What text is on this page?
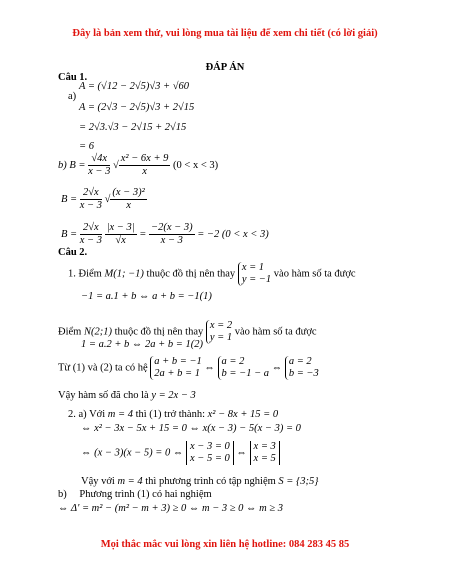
Đây là bản xem thử, vui lòng mua tài liệu để xem chi tiết (có lời giải)
ĐÁP ÁN
Câu 1.
a)
A = (√12 − 2√5)√3 + √60
A = (2√3 − 2√5)√3 + 2√15
= 2√3.√3 − 2√15 + 2√15
= 6
b) $B = \frac{√4x}{x - 3}$ √ $\frac{\text{x² − 6x + 9}}{x} (0 < x < 3)$
$B = \frac{2√x}{x - 3}$ √ $\frac{\text{(x − 3)²}}{x}$
$B = \frac{2√x}{x - 3}$
$\frac{|x - 3|}{√x} = \frac{-2(x - 3)}{x - 3} = -2$ (0 < x < 3)
Câu 2.
1. Điểm M(1; −1) thuộc đồ thị nên thay
x = 1
y = −1
vào hàm số ta được
−1 = a.1 + b ⇔ a + b = −1(1)
Điểm N(2;1) thuộc đồ thị nên thay
x = 2
y = 1
vào hàm số ta được
1 = a.2 + b ⇔ 2a + b = 1(2)
Từ (1) và (2) ta có hệ
a + b = −1
2a + b = 1
⇔
a = 2
b = −1 − a
⇔
a = 2
b = −3
Vậy hàm số đã cho là y = 2x − 3
2. a) Với m = 4 thì (1) trở thành: x² − 8x + 15 = 0
⇔ x² − 3x − 5x + 15 = 0 ⇔ x(x − 3) − 5(x − 3) = 0
⇔ (x − 3)(x − 5) = 0 ⇔
x − 3 = 0
x − 5 = 0
⇔
x = 3
x = 5
Vậy với m = 4 thì phương trình có tập nghiệm S = {3;5}
b) Phương trình (1) có hai nghiệm
⇔ Δ' = m² − (m² − m + 3) ≥ 0 ⇔ m − 3 ≥ 0 ⇔ m ≥ 3
Mọi thắc mắc vui lòng xin liên hệ hotline: 084 283 45 85
